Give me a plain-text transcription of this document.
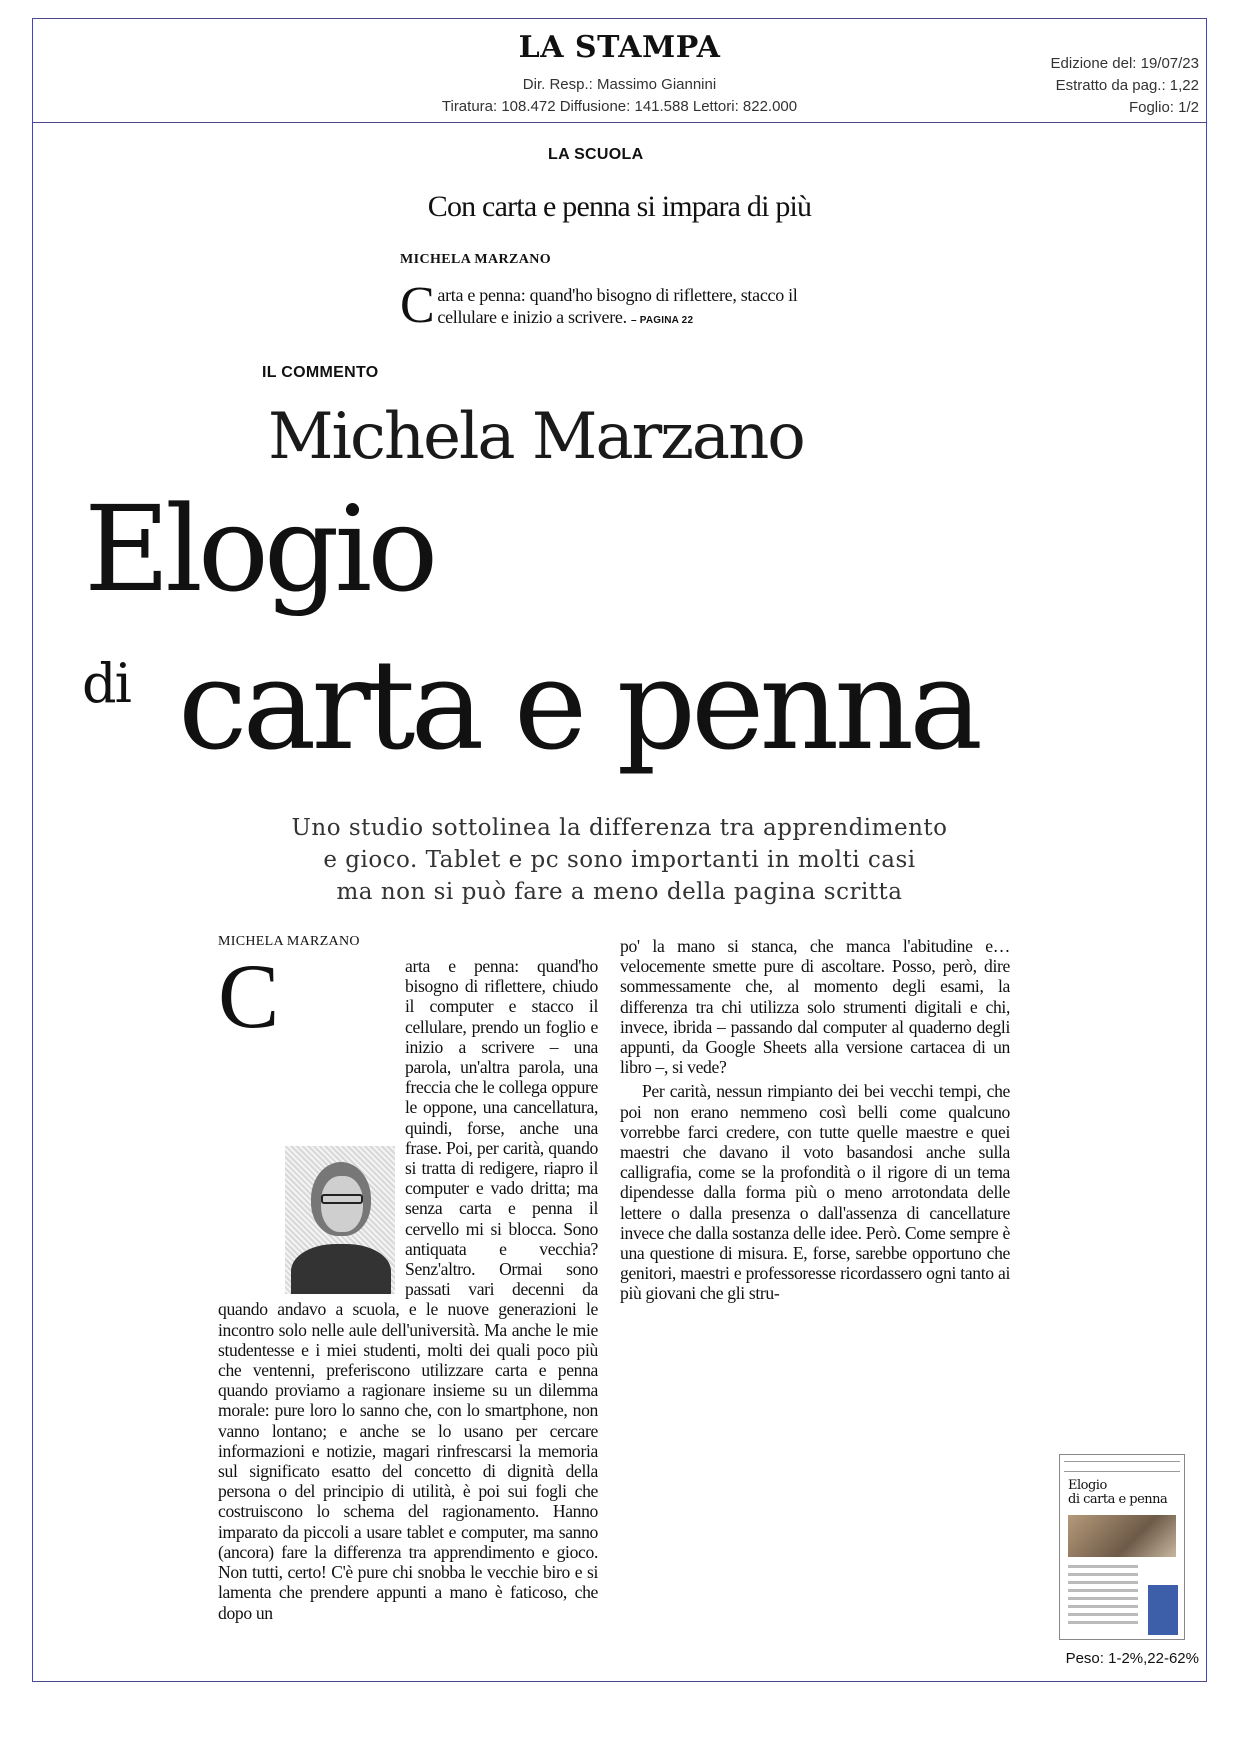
LA STAMPA
Dir. Resp.: Massimo Giannini
Tiratura: 108.472 Diffusione: 141.588 Lettori: 822.000
Edizione del: 19/07/23
Estratto da pag.: 1,22
Foglio: 1/2
LA SCUOLA
Con carta e penna si impara di più
MICHELA MARZANO
Carta e penna: quand'ho bisogno di riflettere, stacco il cellulare e inizio a scrivere. – PAGINA 22
IL COMMENTO
Michela Marzano
Elogio
di carta e penna
Uno studio sottolinea la differenza tra apprendimento
e gioco. Tablet e pc sono importanti in molti casi
ma non si può fare a meno della pagina scritta
MICHELA MARZANO
C	arta e penna: quand'ho bisogno di riflettere, chiudo il computer e stacco il cellulare, prendo un foglio e inizio a scrivere – una parola, un'altra parola, una freccia che le collega oppure le oppone, una cancellatura, quindi, forse, anche una frase. Poi, per carità, quando si tratta di redigere, riapro il computer e vado dritta; ma senza carta e penna il cervello mi si blocca. Sono antiquata e vecchia? Senz'altro. Ormai sono passati vari decenni da quando andavo a scuola, e le nuove generazioni le incontro solo nelle aule dell'università. Ma anche le mie studentesse e i miei studenti, molti dei quali poco più che ventenni, preferiscono utilizzare carta e penna quando proviamo a ragionare insieme su un dilemma morale: pure loro lo sanno che, con lo smartphone, non vanno lontano; e anche se lo usano per cercare informazioni e notizie, magari rinfrescarsi la memoria sul significato esatto del concetto di dignità della persona o del principio di utilità, è poi sui fogli che costruiscono lo schema del ragionamento. Hanno imparato da piccoli a usare tablet e computer, ma sanno (ancora) fare la differenza tra apprendimento e gioco. Non tutti, certo! C'è pure chi snobba le vecchie biro e si lamenta che prendere appunti a mano è faticoso, che dopo un

po' la mano si stanca, che manca l'abitudine e… velocemente smette pure di ascoltare. Posso, però, dire sommessamente che, al momento degli esami, la differenza tra chi utilizza solo strumenti digitali e chi, invece, ibrida – passando dal computer al quaderno degli appunti, da Google Sheets alla versione cartacea di un libro –, si vede?

Per carità, nessun rimpianto dei bei vecchi tempi, che poi non erano nemmeno così belli come qualcuno vorrebbe farci credere, con tutte quelle maestre e quei maestri che davano il voto basandosi anche sulla calligrafia, come se la profondità o il rigore di un tema dipendesse dalla forma più o meno arrotondata delle lettere o dalla presenza o dall'assenza di cancellature invece che dalla sostanza delle idee. Però. Come sempre è una questione di misura. E, forse, sarebbe opportuno che genitori, maestri e professoresse ricordassero ogni tanto ai più giovani che gli stru-

Elogio
di carta e penna
Peso: 1-2%,22-62%
